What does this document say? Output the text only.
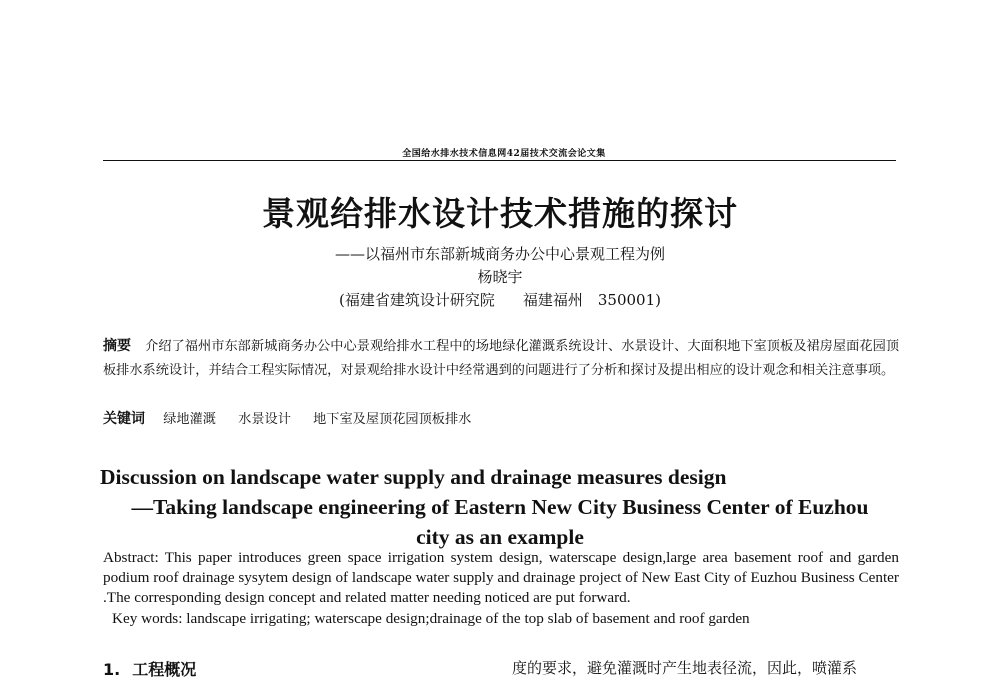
全国给水排水技术信息网42届技术交流会论文集
景观给排水设计技术措施的探讨
——以福州市东部新城商务办公中心景观工程为例
杨晓宇
(福建省建筑设计研究院 福建福州　350001)
摘要 介绍了福州市东部新城商务办公中心景观给排水工程中的场地绿化灌溉系统设计、水景设计、大面积地下室顶板及裙房屋面花园顶板排水系统设计，并结合工程实际情况，对景观给排水设计中经常遇到的问题进行了分析和探讨及提出相应的设计观念和相关注意事项。
关键词 绿地灌溉 水景设计 地下室及屋顶花园顶板排水
Discussion on landscape water supply and drainage measures design
—Taking landscape engineering of Eastern New City Business Center of Euzhou
city as an example
Abstract: This paper introduces green space irrigation system design, waterscape design,large area basement roof and garden podium roof drainage sysytem design of landscape water supply and drainage project of New East City of Euzhou Business Center .The corresponding design concept and related matter needing noticed are put forward.
Key words: landscape irrigating; waterscape design;drainage of the top slab of basement and roof garden
1. 工程概况	度的要求，避免灌溉时产生地表径流，因此，喷灌系
